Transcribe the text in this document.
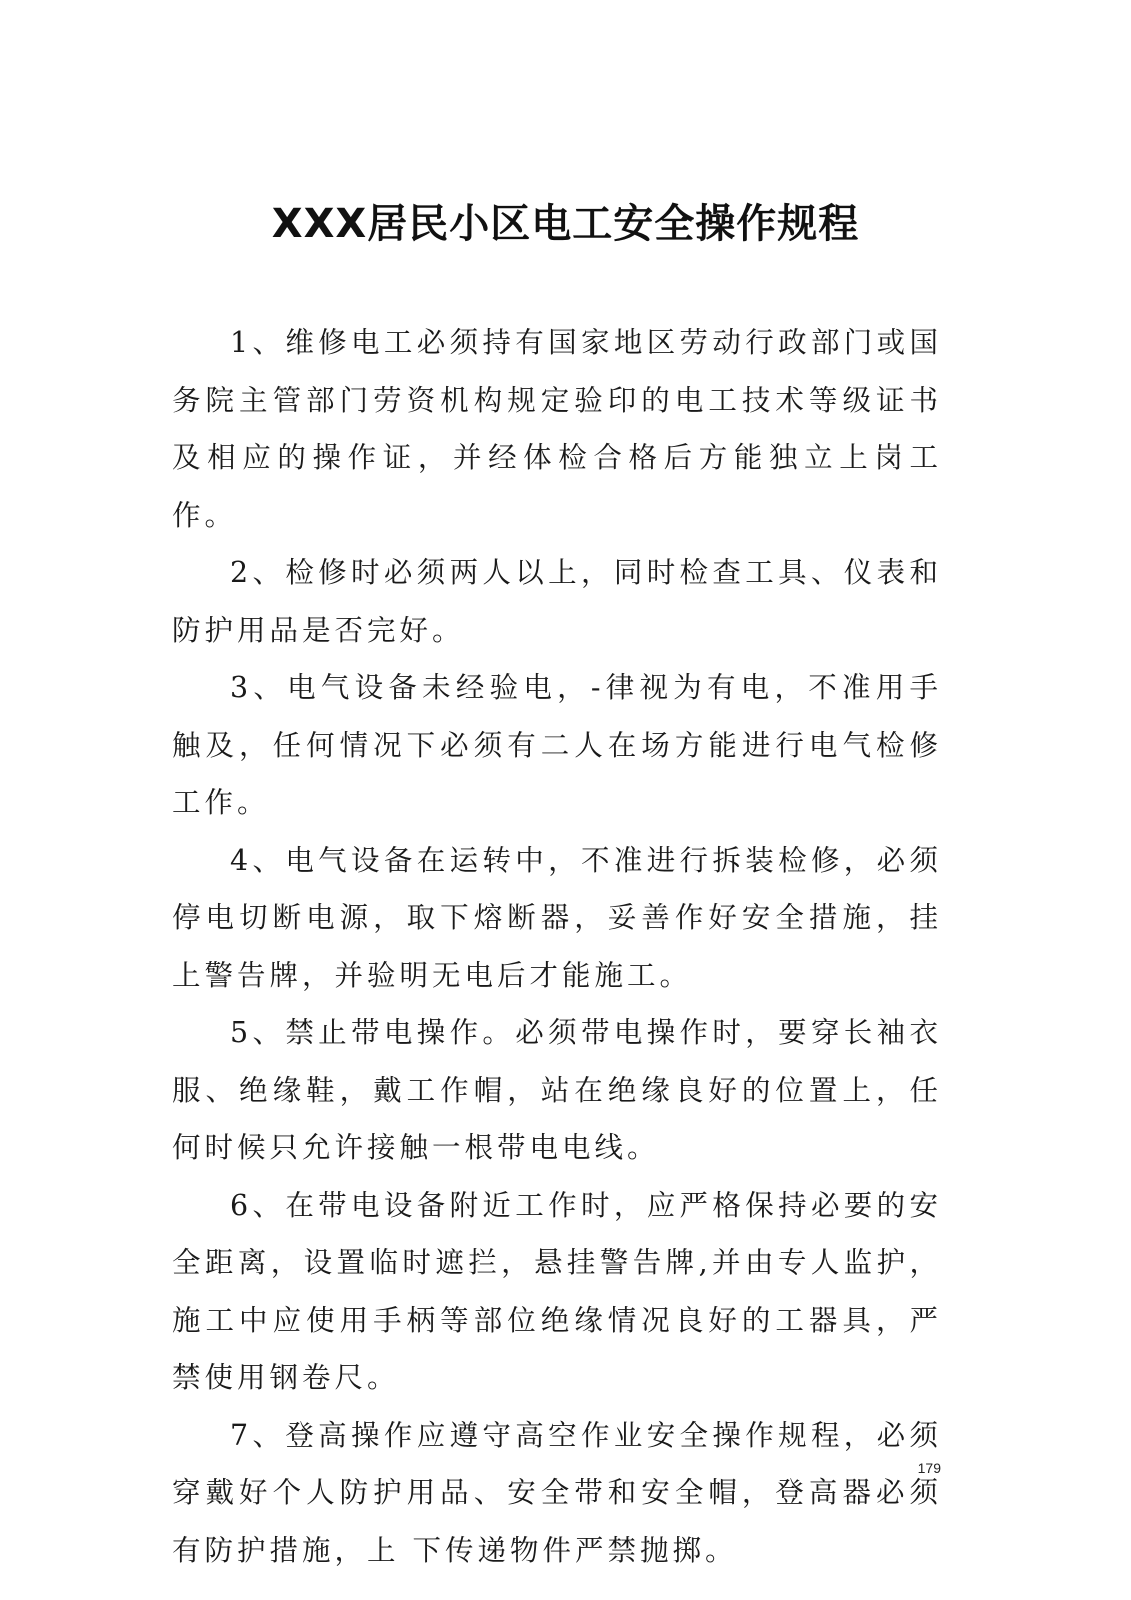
XXX居民小区电工安全操作规程

1、维修电工必须持有国家地区劳动行政部门或国务院主管部门劳资机构规定验印的电工技术等级证书及相应的操作证，并经体检合格后方能独立上岗工作。

2、检修时必须两人以上，同时检查工具、仪表和防护用品是否完好。

3、电气设备未经验电，-律视为有电，不准用手触及，任何情况下必须有二人在场方能进行电气检修工作。

4、电气设备在运转中，不准进行拆装检修，必须停电切断电源，取下熔断器，妥善作好安全措施，挂上警告牌，并验明无电后才能施工。

5、禁止带电操作。必须带电操作时，要穿长袖衣服、绝缘鞋，戴工作帽，站在绝缘良好的位置上，任何时候只允许接触一根带电电线。

6、在带电设备附近工作时，应严格保持必要的安全距离，设置临时遮拦，悬挂警告牌,并由专人监护，施工中应使用手柄等部位绝缘情况良好的工器具，严禁使用钢卷尺。

7、登高操作应遵守高空作业安全操作规程，必须穿戴好个人防护用品、安全带和安全帽，登高器必须有防护措施，上 下传递物件严禁抛掷。

179
